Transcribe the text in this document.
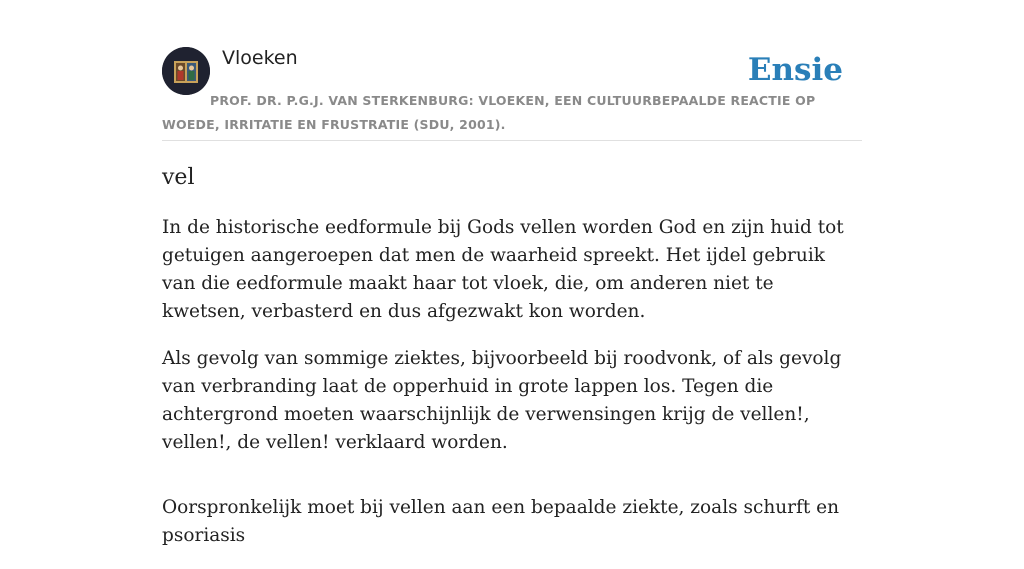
Vloeken	Ensie
PROF. DR. P.G.J. VAN STERKENBURG: VLOEKEN, EEN CULTUURBEPAALDE REACTIE OP WOEDE, IRRITATIE EN FRUSTRATIE (SDU, 2001).
vel

In de historische eedformule bij Gods vellen worden God en zijn huid tot getuigen aangeroepen dat men de waarheid spreekt. Het ijdel gebruik van die eedformule maakt haar tot vloek, die, om anderen niet te kwetsen, verbasterd en dus afgezwakt kon worden.

Als gevolg van sommige ziektes, bijvoorbeeld bij roodvonk, of als gevolg van verbranding laat de opperhuid in grote lappen los. Tegen die achtergrond moeten waarschijnlijk de verwensingen krijg de vellen!, vellen!, de vellen! verklaard worden.

Oorspronkelijk moet bij vellen aan een bepaalde ziekte, zoals schurft en psoriasis
